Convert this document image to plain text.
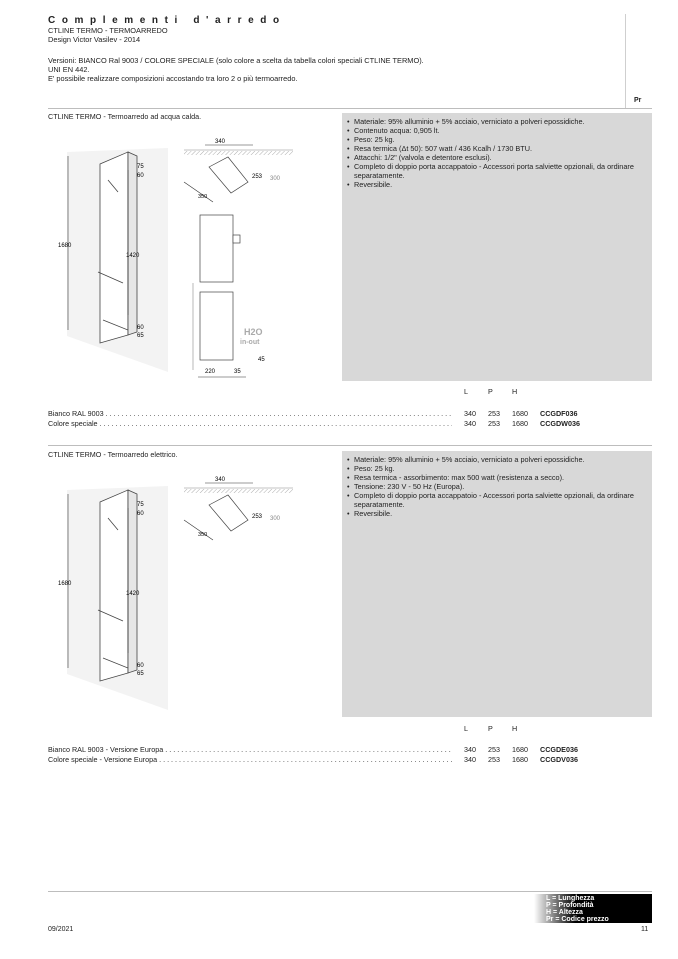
Complementi d'arredo
CTLINE TERMO - TERMOARREDO
Design Victor Vasilev - 2014
Versioni: BIANCO Ral 9003 / COLORE SPECIALE (solo colore a scelta da tabella colori speciali CTLINE TERMO).
UNI EN 442.
E' possibile realizzare composizioni accostando tra loro 2 o più termoarredo.
Pr
CTLINE TERMO - Termoarredo ad acqua calda.
1680
1420
75
60
60
65
340
350
253 300
H2O
in-out
45
220	35
• Materiale: 95% alluminio + 5% acciaio, verniciato a polveri epossidiche.
• Contenuto acqua: 0,905 lt.
• Peso: 25 kg.
• Resa termica (Δt 50): 507 watt / 436 Kcalh / 1730 BTU.
• Attacchi: 1/2" (valvola e detentore esclusi).
• Completo di doppio porta accappatoio - Accessori porta salviette opzionali, da ordinare separatamente.
• Reversibile.
L	P	H
Bianco RAL 9003 . . .	340 253 1680 CCGDF036
Colore speciale . . .	340 253 1680 CCGDW036
CTLINE TERMO - Termoarredo elettrico.
1680
1420
75
60
60
65
340
350
253 300
• Materiale: 95% alluminio + 5% acciaio, verniciato a polveri epossidiche.
• Peso: 25 kg.
• Resa termica - assorbimento: max 500 watt (resistenza a secco).
• Tensione: 230 V - 50 Hz (Europa).
• Completo di doppio porta accappatoio - Accessori porta salviette opzionali, da ordinare separatamente.
• Reversibile.
L	P	H
Bianco RAL 9003 - Versione Europa . . .	340 253 1680 CCGDE036
Colore speciale - Versione Europa . . .	340 253 1680 CCGDV036
L = Lunghezza
P = Profondità
H = Altezza
Pr = Codice prezzo
09/2021	11
